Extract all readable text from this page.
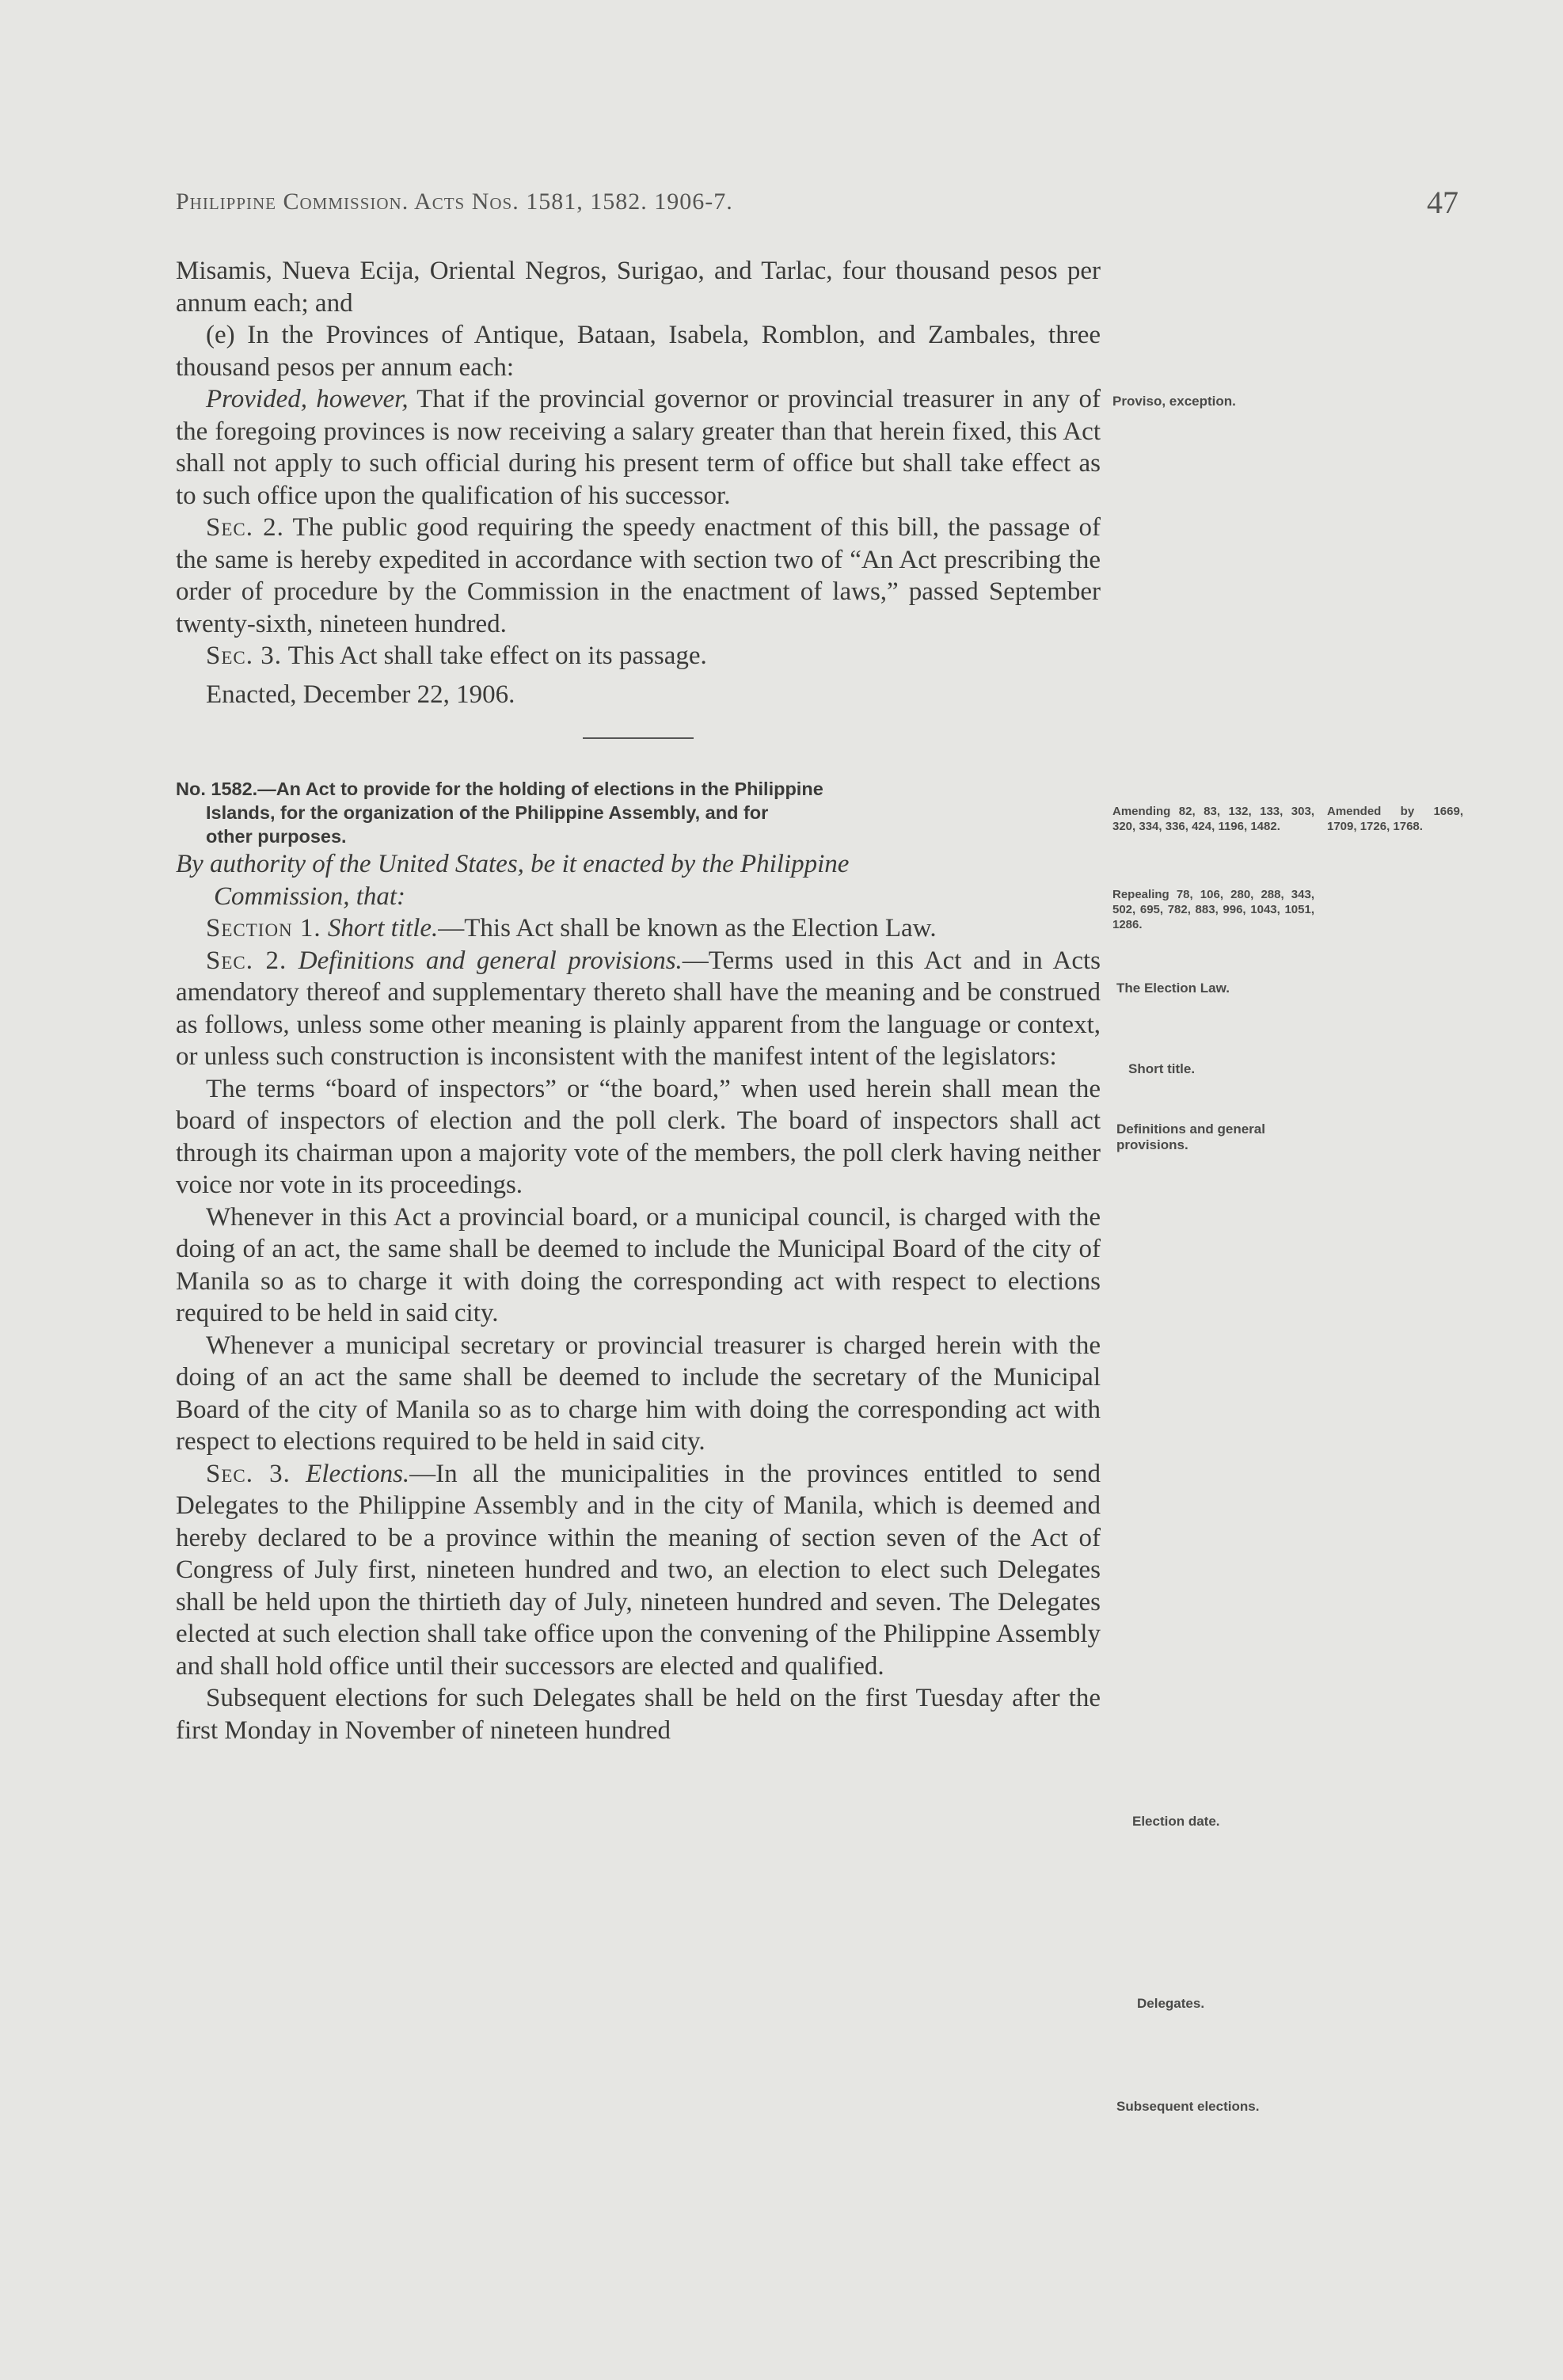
Philippine Commission. Acts Nos. 1581, 1582. 1906-7.	47

Misamis, Nueva Ecija, Oriental Negros, Surigao, and Tarlac, four thousand pesos per annum each; and

(e) In the Provinces of Antique, Bataan, Isabela, Romblon, and Zambales, three thousand pesos per annum each:

Provided, however, That if the provincial governor or provincial treasurer in any of the foregoing provinces is now receiving a salary greater than that herein fixed, this Act shall not apply to such official during his present term of office but shall take effect as to such office upon the qualification of his successor.

Sec. 2. The public good requiring the speedy enactment of this bill, the passage of the same is hereby expedited in accordance with section two of “An Act prescribing the order of procedure by the Commission in the enactment of laws,” passed September twenty-sixth, nineteen hundred.

Sec. 3. This Act shall take effect on its passage.

Enacted, December 22, 1906.

No. 1582.—An Act to provide for the holding of elections in the Philippine
Islands, for the organization of the Philippine Assembly, and for
other purposes.

By authority of the United States, be it enacted by the Philippine
Commission, that:

Section 1. Short title.—This Act shall be known as the Election Law.

Sec. 2. Definitions and general provisions.—Terms used in this Act and in Acts amendatory thereof and supplementary thereto shall have the meaning and be construed as follows, unless some other meaning is plainly apparent from the language or context, or unless such construction is inconsistent with the manifest intent of the legislators:

The terms “board of inspectors” or “the board,” when used herein shall mean the board of inspectors of election and the poll clerk. The board of inspectors shall act through its chairman upon a majority vote of the members, the poll clerk having neither voice nor vote in its proceedings.

Whenever in this Act a provincial board, or a municipal council, is charged with the doing of an act, the same shall be deemed to include the Municipal Board of the city of Manila so as to charge it with doing the corresponding act with respect to elections required to be held in said city.

Whenever a municipal secretary or provincial treasurer is charged herein with the doing of an act the same shall be deemed to include the secretary of the Municipal Board of the city of Manila so as to charge him with doing the corresponding act with respect to elections required to be held in said city.

Sec. 3. Elections.—In all the municipalities in the provinces entitled to send Delegates to the Philippine Assembly and in the city of Manila, which is deemed and hereby declared to be a province within the meaning of section seven of the Act of Congress of July first, nineteen hundred and two, an election to elect such Delegates shall be held upon the thirtieth day of July, nineteen hundred and seven. The Delegates elected at such election shall take office upon the convening of the Philippine Assembly and shall hold office until their successors are elected and qualified.

Subsequent elections for such Delegates shall be held on the first Tuesday after the first Monday in November of nineteen hundred

Proviso, exception.
Amending 82, 83, 132, 133, 303, 320, 334, 336, 424, 1196, 1482.
Amended by 1669, 1709, 1726, 1768.
Repealing 78, 106, 280, 288, 343, 502, 695, 782, 883, 996, 1043, 1051, 1286.
The Election Law.
Short title.
Definitions and general provisions.
Election date.
Delegates.
Subsequent elections.
